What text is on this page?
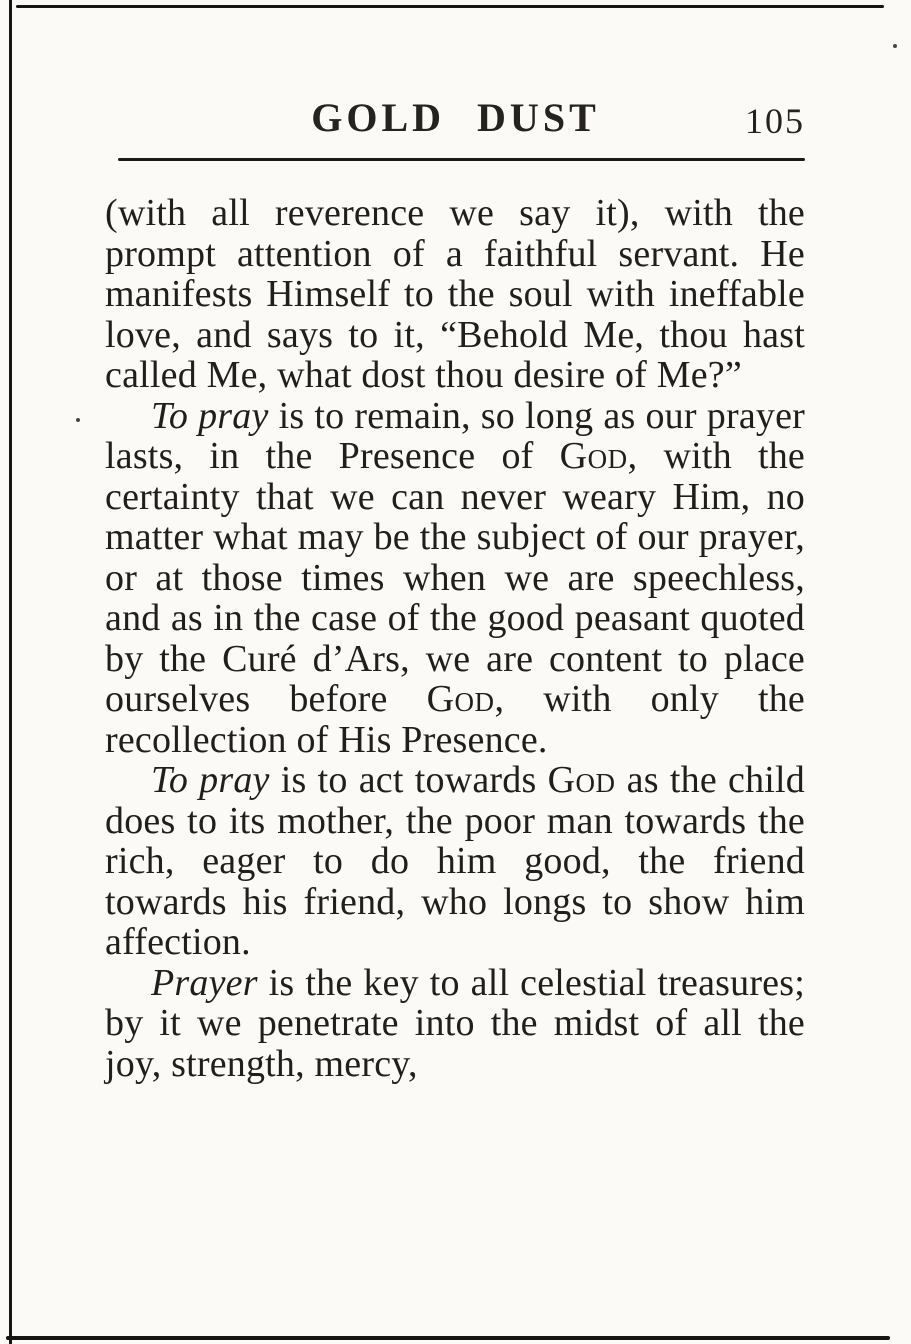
GOLD DUST	105

(with all reverence we say it), with the prompt attention of a faithful servant. He manifests Himself to the soul with ineffable love, and says to it, “Behold Me, thou hast called Me, what dost thou desire of Me?”

To pray is to remain, so long as our prayer lasts, in the Presence of God, with the certainty that we can never weary Him, no matter what may be the subject of our prayer, or at those times when we are speechless, and as in the case of the good peasant quoted by the Curé d’Ars, we are content to place ourselves before God, with only the recollection of His Presence.

To pray is to act towards God as the child does to its mother, the poor man towards the rich, eager to do him good, the friend towards his friend, who longs to show him affection.

Prayer is the key to all celestial treasures; by it we penetrate into the midst of all the joy, strength, mercy,
